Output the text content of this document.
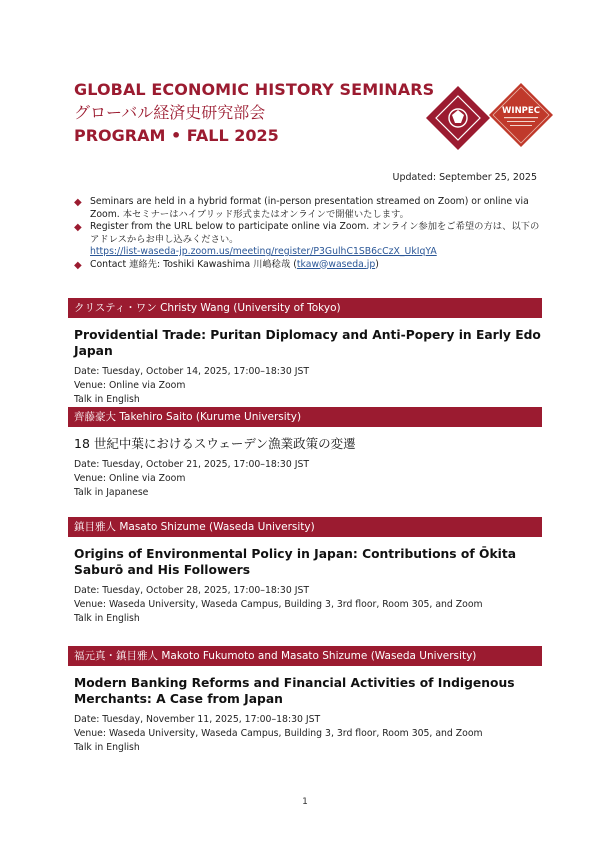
GLOBAL ECONOMIC HISTORY SEMINARS
グローバル経済史研究部会
PROGRAM • FALL 2025
WINPEC
Updated: September 25, 2025
◆ Seminars are held in a hybrid format (in-person presentation streamed on Zoom) or online via Zoom. 本セミナーはハイブリッド形式またはオンラインで開催いたします。
◆ Register from the URL below to participate online via Zoom. オンライン参加をご希望の方は、以下のアドレスからお申し込みください。
https://list-waseda-jp.zoom.us/meeting/register/P3GulhC1SB6cCzX_UkIqYA
◆ Contact 連絡先: Toshiki Kawashima 川嶋稔哉 (tkaw@waseda.jp)
クリスティ・ワン Christy Wang (University of Tokyo)
Providential Trade: Puritan Diplomacy and Anti-Popery in Early Edo Japan
Date: Tuesday, October 14, 2025, 17:00–18:30 JST
Venue: Online via Zoom
Talk in English
齊藤豪大 Takehiro Saito (Kurume University)
18 世紀中葉におけるスウェーデン漁業政策の変遷
Date: Tuesday, October 21, 2025, 17:00–18:30 JST
Venue: Online via Zoom
Talk in Japanese
鎮目雅人 Masato Shizume (Waseda University)
Origins of Environmental Policy in Japan: Contributions of Ōkita Saburō and His Followers
Date: Tuesday, October 28, 2025, 17:00–18:30 JST
Venue: Waseda University, Waseda Campus, Building 3, 3rd floor, Room 305, and Zoom
Talk in English
福元真・鎮目雅人 Makoto Fukumoto and Masato Shizume (Waseda University)
Modern Banking Reforms and Financial Activities of Indigenous Merchants: A Case from Japan
Date: Tuesday, November 11, 2025, 17:00–18:30 JST
Venue: Waseda University, Waseda Campus, Building 3, 3rd floor, Room 305, and Zoom
Talk in English
1
